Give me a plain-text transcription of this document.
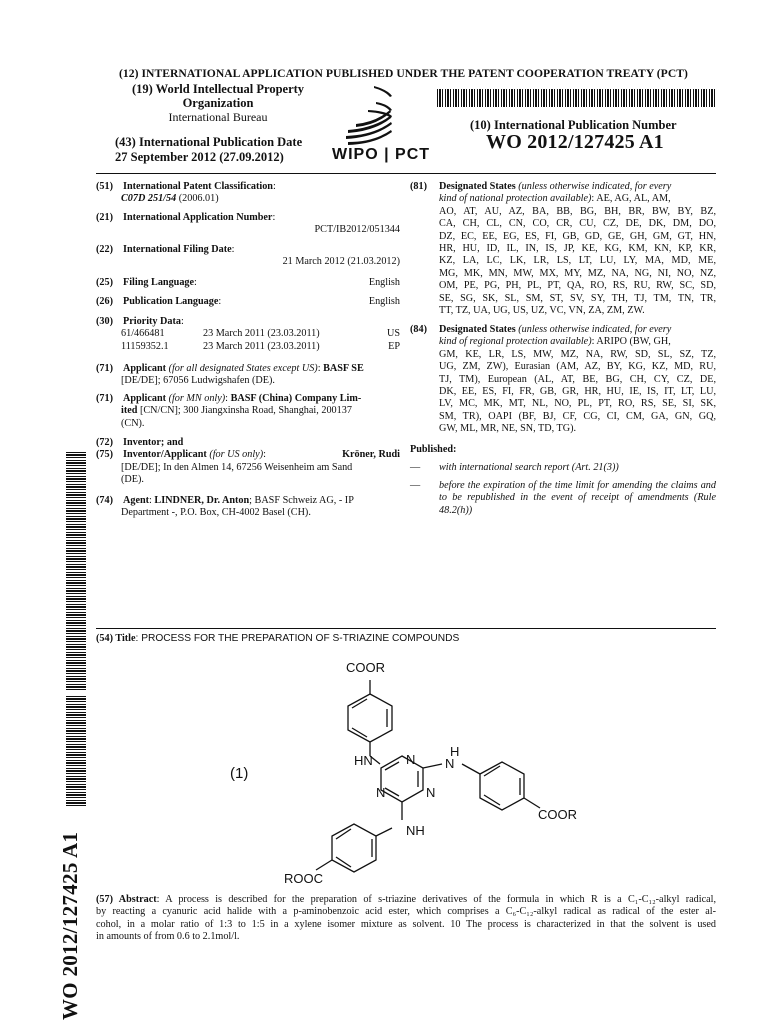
(12) INTERNATIONAL APPLICATION PUBLISHED UNDER THE PATENT COOPERATION TREATY (PCT)
(19) World Intellectual Property
Organization
International Bureau
(43) International Publication Date
27 September 2012 (27.09.2012)	WIPO | PCT
(10) International Publication Number
WO 2012/127425 A1
(51) International Patent Classification:
C07D 251/54 (2006.01)
(21) International Application Number:
PCT/IB2012/051344
(22) International Filing Date:
21 March 2012 (21.03.2012)
(25) Filing Language:	English
(26) Publication Language:	English
(30) Priority Data:
61/466481	23 March 2011 (23.03.2011)	US
11159352.1	23 March 2011 (23.03.2011)	EP
(71) Applicant (for all designated States except US): BASF SE
[DE/DE]; 67056 Ludwigshafen (DE).
(71) Applicant (for MN only): BASF (China) Company Lim-
ited [CN/CN]; 300 Jiangxinsha Road, Shanghai, 200137
(CN).
(72) Inventor; and
(75) Inventor/Applicant (for US only):	Kröner, Rudi
[DE/DE]; In den Almen 14, 67256 Weisenheim am Sand
(DE).
(74) Agent: LINDNER, Dr. Anton; BASF Schweiz AG, - IP
Department -, P.O. Box, CH-4002 Basel (CH).
(81) Designated States (unless otherwise indicated, for every
kind of national protection available): AE, AG, AL, AM,
AO, AT, AU, AZ, BA, BB, BG, BH, BR, BW, BY, BZ,
CA, CH, CL, CN, CO, CR, CU, CZ, DE, DK, DM, DO,
DZ, EC, EE, EG, ES, FI, GB, GD, GE, GH, GM, GT, HN,
HR, HU, ID, IL, IN, IS, JP, KE, KG, KM, KN, KP, KR,
KZ, LA, LC, LK, LR, LS, LT, LU, LY, MA, MD, ME,
MG, MK, MN, MW, MX, MY, MZ, NA, NG, NI, NO, NZ,
OM, PE, PG, PH, PL, PT, QA, RO, RS, RU, RW, SC, SD,
SE, SG, SK, SL, SM, ST, SV, SY, TH, TJ, TM, TN, TR,
TT, TZ, UA, UG, US, UZ, VC, VN, ZA, ZM, ZW.
(84) Designated States (unless otherwise indicated, for every
kind of regional protection available): ARIPO (BW, GH,
GM, KE, LR, LS, MW, MZ, NA, RW, SD, SL, SZ, TZ,
UG, ZM, ZW), Eurasian (AM, AZ, BY, KG, KZ, MD, RU,
TJ, TM), European (AL, AT, BE, BG, CH, CY, CZ, DE,
DK, EE, ES, FI, FR, GB, GR, HR, HU, IE, IS, IT, LT, LU,
LV, MC, MK, MT, NL, NO, PL, PT, RO, RS, SE, SI, SK,
SM, TR), OAPI (BF, BJ, CF, CG, CI, CM, GA, GN, GQ,
GW, ML, MR, NE, SN, TD, TG).
Published:
—	with international search report (Art. 21(3))
—	before the expiration of the time limit for amending the claims and to be republished in the event of receipt of amendments (Rule 48.2(h))
WO 2012/127425 A1
(54) Title: PROCESS FOR THE PREPARATION OF S-TRIAZINE COMPOUNDS
COOR
HN
H
N
N
N	N
NH
COOR
ROOC
(1)
(57) Abstract: A process is described for the preparation of s-triazine derivatives of the formula in which R is a C₁-C₁₂-alkyl radical,
by reacting a cyanuric acid halide with a p-aminobenzoic acid ester, which comprises a C₆-C₁₂-alkyl radical as radical of the ester al-
cohol, in a molar ratio of 1:3 to 1:5 in a xylene isomer mixture as solvent. 10 The process is characterized in that the solvent is used
in amounts of from 0.6 to 2.1mol/l.
